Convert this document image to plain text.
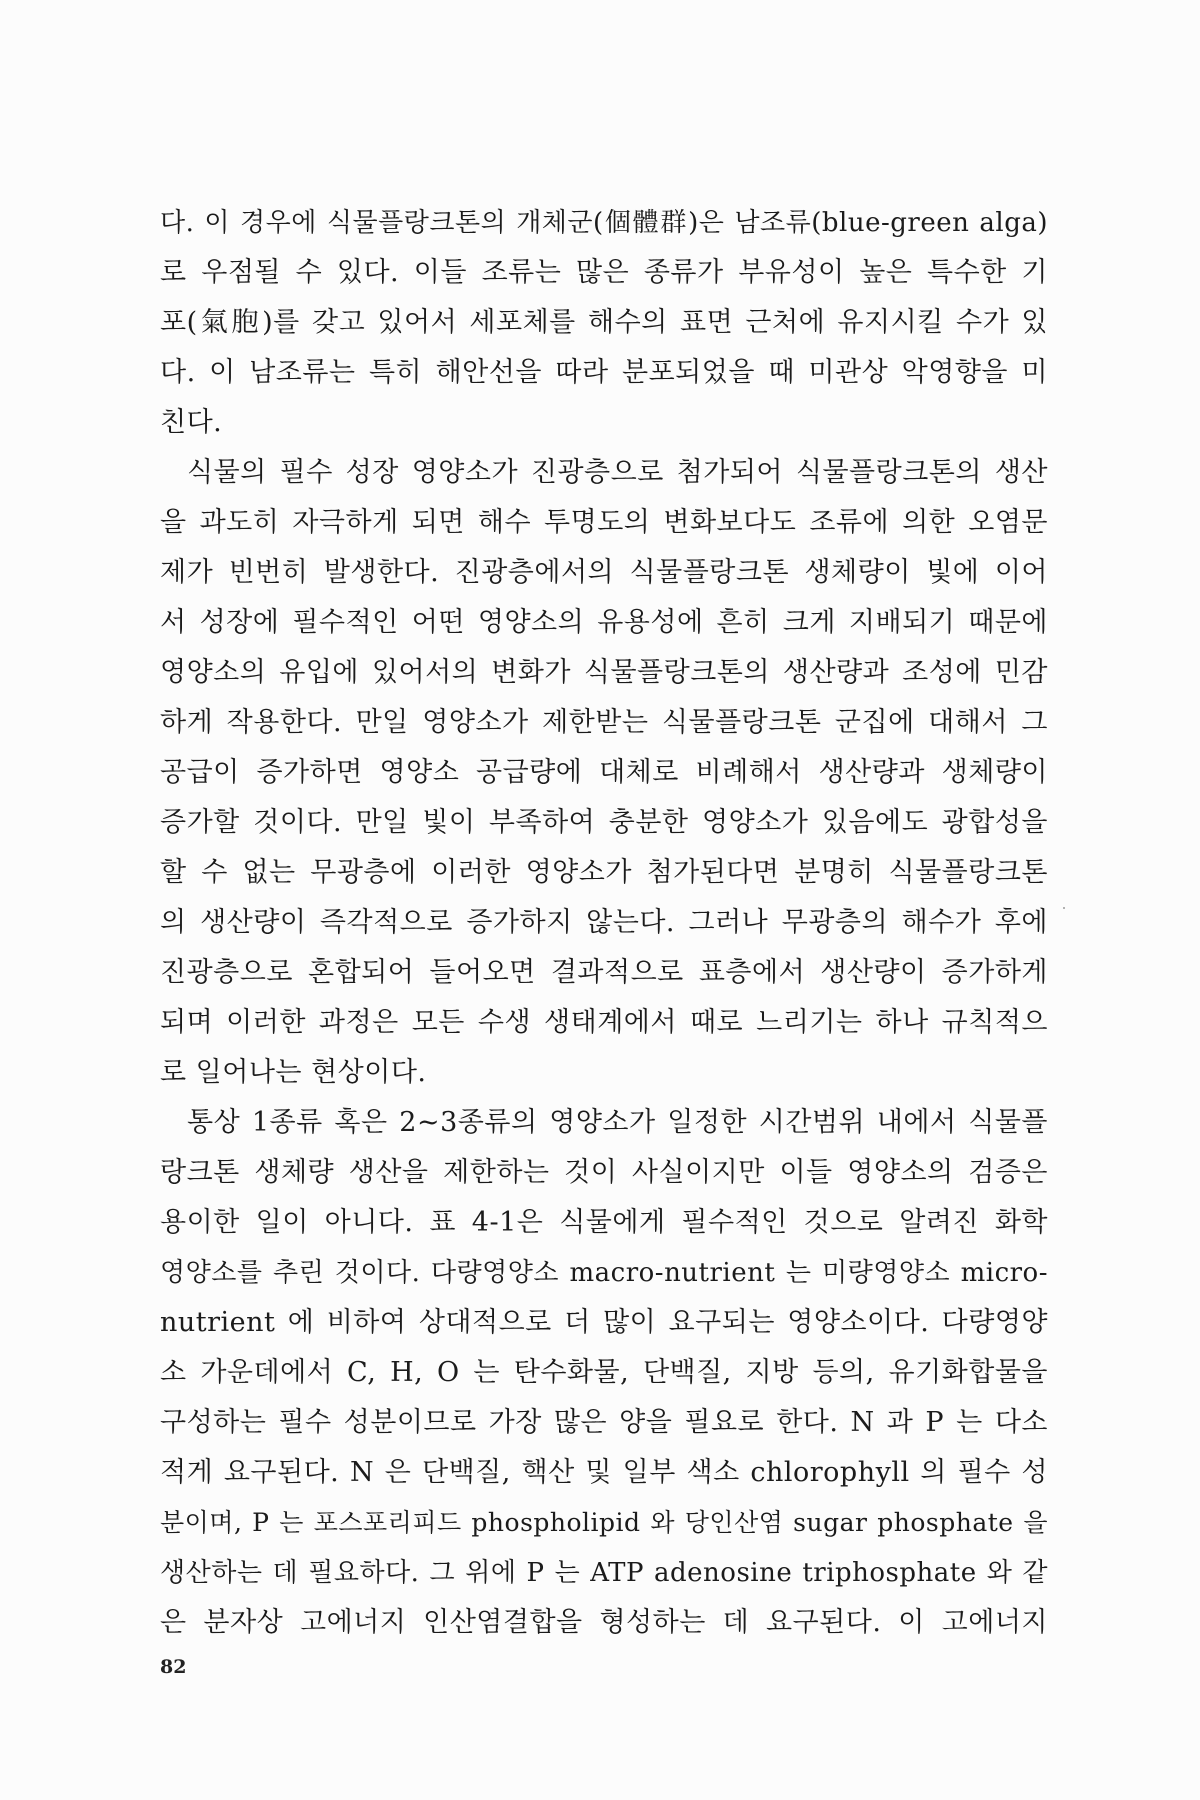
다. 이 경우에 식물플랑크톤의 개체군(個體群)은 남조류(blue-green alga)
로 우점될 수 있다. 이들 조류는 많은 종류가 부유성이 높은 특수한 기
포(氣胞)를 갖고 있어서 세포체를 해수의 표면 근처에 유지시킬 수가 있
다. 이 남조류는 특히 해안선을 따라 분포되었을 때 미관상 악영향을 미
친다.
식물의 필수 성장 영양소가 진광층으로 첨가되어 식물플랑크톤의 생산
을 과도히 자극하게 되면 해수 투명도의 변화보다도 조류에 의한 오염문
제가 빈번히 발생한다. 진광층에서의 식물플랑크톤 생체량이 빛에 이어
서 성장에 필수적인 어떤 영양소의 유용성에 흔히 크게 지배되기 때문에
영양소의 유입에 있어서의 변화가 식물플랑크톤의 생산량과 조성에 민감
하게 작용한다. 만일 영양소가 제한받는 식물플랑크톤 군집에 대해서 그
공급이 증가하면 영양소 공급량에 대체로 비례해서 생산량과 생체량이
증가할 것이다. 만일 빛이 부족하여 충분한 영양소가 있음에도 광합성을
할 수 없는 무광층에 이러한 영양소가 첨가된다면 분명히 식물플랑크톤
의 생산량이 즉각적으로 증가하지 않는다. 그러나 무광층의 해수가 후에
진광층으로 혼합되어 들어오면 결과적으로 표층에서 생산량이 증가하게
되며 이러한 과정은 모든 수생 생태계에서 때로 느리기는 하나 규칙적으
로 일어나는 현상이다.
통상 1종류 혹은 2~3종류의 영양소가 일정한 시간범위 내에서 식물플
랑크톤 생체량 생산을 제한하는 것이 사실이지만 이들 영양소의 검증은
용이한 일이 아니다. 표 4-1은 식물에게 필수적인 것으로 알려진 화학
영양소를 추린 것이다. 다량영양소 macro-nutrient 는 미량영양소 micro-
nutrient 에 비하여 상대적으로 더 많이 요구되는 영양소이다. 다량영양
소 가운데에서 C, H, O 는 탄수화물, 단백질, 지방 등의, 유기화합물을
구성하는 필수 성분이므로 가장 많은 양을 필요로 한다. N 과 P 는 다소
적게 요구된다. N 은 단백질, 핵산 및 일부 색소 chlorophyll 의 필수 성
분이며, P 는 포스포리피드 phospholipid 와 당인산염 sugar phosphate 을
생산하는 데 필요하다. 그 위에 P 는 ATP adenosine triphosphate 와 같
은 분자상 고에너지 인산염결합을 형성하는 데 요구된다. 이 고에너지
82
